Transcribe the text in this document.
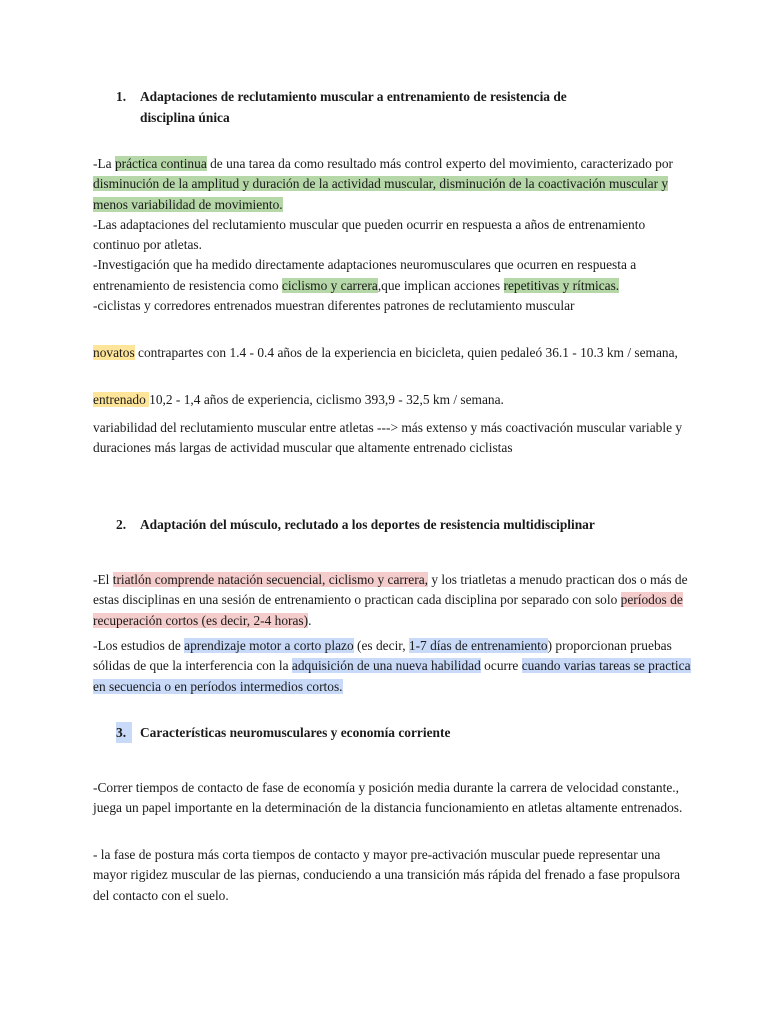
1. Adaptaciones de reclutamiento muscular a entrenamiento de resistencia de
disciplina única

-La práctica continua de una tarea da como resultado más control experto del movimiento, caracterizado por disminución de la amplitud y duración de la actividad muscular, disminución de la coactivación muscular y menos variabilidad de movimiento.
-Las adaptaciones del reclutamiento muscular que pueden ocurrir en respuesta a años de entrenamiento continuo por atletas.
-Investigación que ha medido directamente adaptaciones neuromusculares que ocurren en respuesta a entrenamiento de resistencia como ciclismo y carrera,que implican acciones repetitivas y rítmicas.
-ciclistas y corredores entrenados muestran diferentes patrones de reclutamiento muscular

novatos contrapartes con 1.4 - 0.4 años de la experiencia en bicicleta, quien pedaleó 36.1 - 10.3 km / semana,

entrenado 10,2 - 1,4 años de experiencia, ciclismo 393,9 - 32,5 km / semana.

variabilidad del reclutamiento muscular entre atletas ---> más extenso y más coactivación muscular variable y duraciones más largas de actividad muscular que altamente entrenado ciclistas

2. Adaptación del músculo, reclutado a los deportes de resistencia multidisciplinar

-El triatlón comprende natación secuencial, ciclismo y carrera, y los triatletas a menudo practican dos o más de estas disciplinas en una sesión de entrenamiento o practican cada disciplina por separado con solo períodos de recuperación cortos (es decir, 2-4 horas).

-Los estudios de aprendizaje motor a corto plazo (es decir, 1-7 días de entrenamiento) proporcionan pruebas sólidas de que la interferencia con la adquisición de una nueva habilidad ocurre cuando varias tareas se practica en secuencia o en períodos intermedios cortos.

3.	Características neuromusculares y economía corriente

-Correr tiempos de contacto de fase de economía y posición media durante la carrera de velocidad constante., juega un papel importante en la determinación de la distancia funcionamiento en atletas altamente entrenados.

- la fase de postura más corta tiempos de contacto y mayor pre-activación muscular puede representar una mayor rigidez muscular de las piernas, conduciendo a una transición más rápida del frenado a fase propulsora del contacto con el suelo.
